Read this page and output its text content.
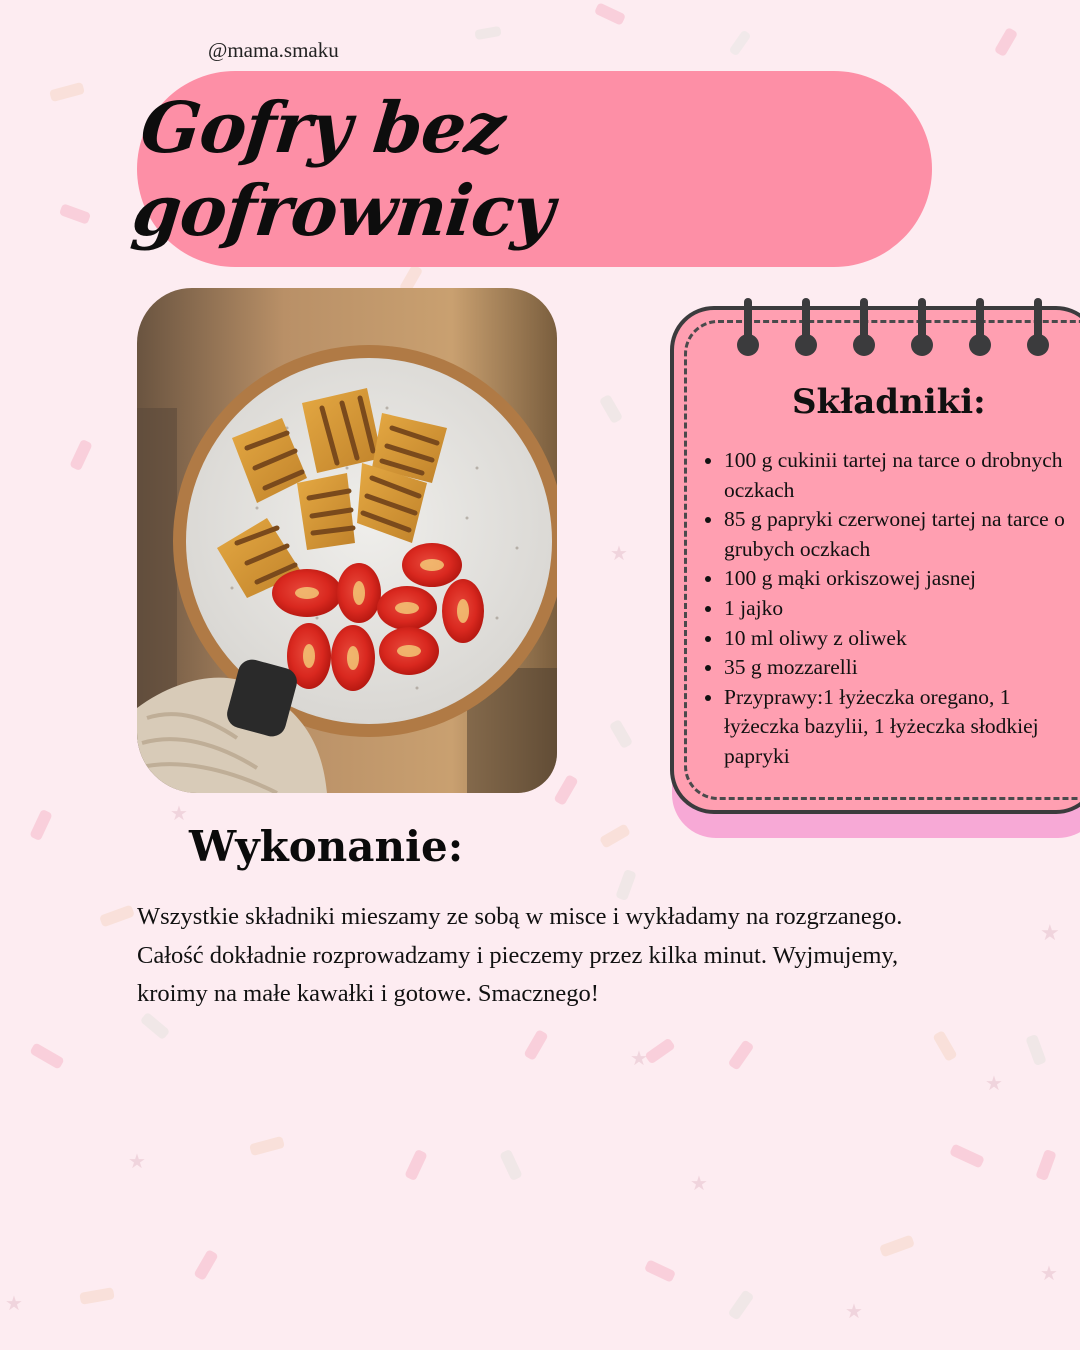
★
★
★
★
★
★
★
★
★
★
@mama.smaku
Gofry bez gofrownicy
Składniki:
• 100 g cukinii tartej na tarce o drobnych oczkach
• 85 g papryki czerwonej tartej na tarce o grubych oczkach
• 100 g mąki orkiszowej jasnej
• 1 jajko
• 10 ml oliwy z oliwek
• 35 g mozzarelli
• Przyprawy:1 łyżeczka oregano, 1 łyżeczka bazylii, 1 łyżeczka słodkiej papryki
Wykonanie:

Wszystkie składniki mieszamy ze sobą w misce i wykładamy na rozgrzanego. Całość dokładnie rozprowadzamy i pieczemy przez kilka minut. Wyjmujemy, kroimy na małe kawałki i gotowe. Smacznego!
